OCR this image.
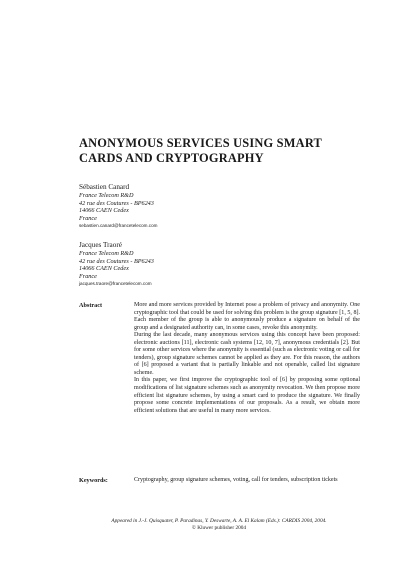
ANONYMOUS SERVICES USING SMART CARDS AND CRYPTOGRAPHY
Sébastien Canard
France Telecom R&D
42 rue des Coutures - BP6243
14066 CAEN Cedex
France
sebastien.canard@francetelecom.com
Jacques Traoré
France Telecom R&D
42 rue des Coutures - BP6243
14066 CAEN Cedex
France
jacques.traore@francetelecom.com
Abstract	More and more services provided by Internet pose a problem of privacy and anonymity. One cryptographic tool that could be used for solving this problem is the group signature [1, 5, 8]. Each member of the group is able to anonymously produce a signature on behalf of the group and a designated authority can, in some cases, revoke this anonymity.

During the last decade, many anonymous services using this concept have been proposed: electronic auctions [11], electronic cash systems [12, 10, 7], anonymous credentials [2]. But for some other services where the anonymity is essential (such as electronic voting or call for tenders), group signature schemes cannot be applied as they are. For this reason, the authors of [6] proposed a variant that is partially linkable and not openable, called list signature scheme.

In this paper, we first improve the cryptographic tool of [6] by proposing some optional modifications of list signature schemes such as anonymity revocation. We then propose more efficient list signature schemes, by using a smart card to produce the signature. We finally propose some concrete implementations of our proposals. As a result, we obtain more efficient solutions that are useful in many more services.

Keywords:	Cryptography, group signature schemes, voting, call for tenders, subscription tickets
Appeared in J.-J. Quisquater, P. Paradinas, Y. Deswarte, A. A. El Kalam (Eds.): CARDIS 2004, 2004.
© Kluwer publisher 2004
